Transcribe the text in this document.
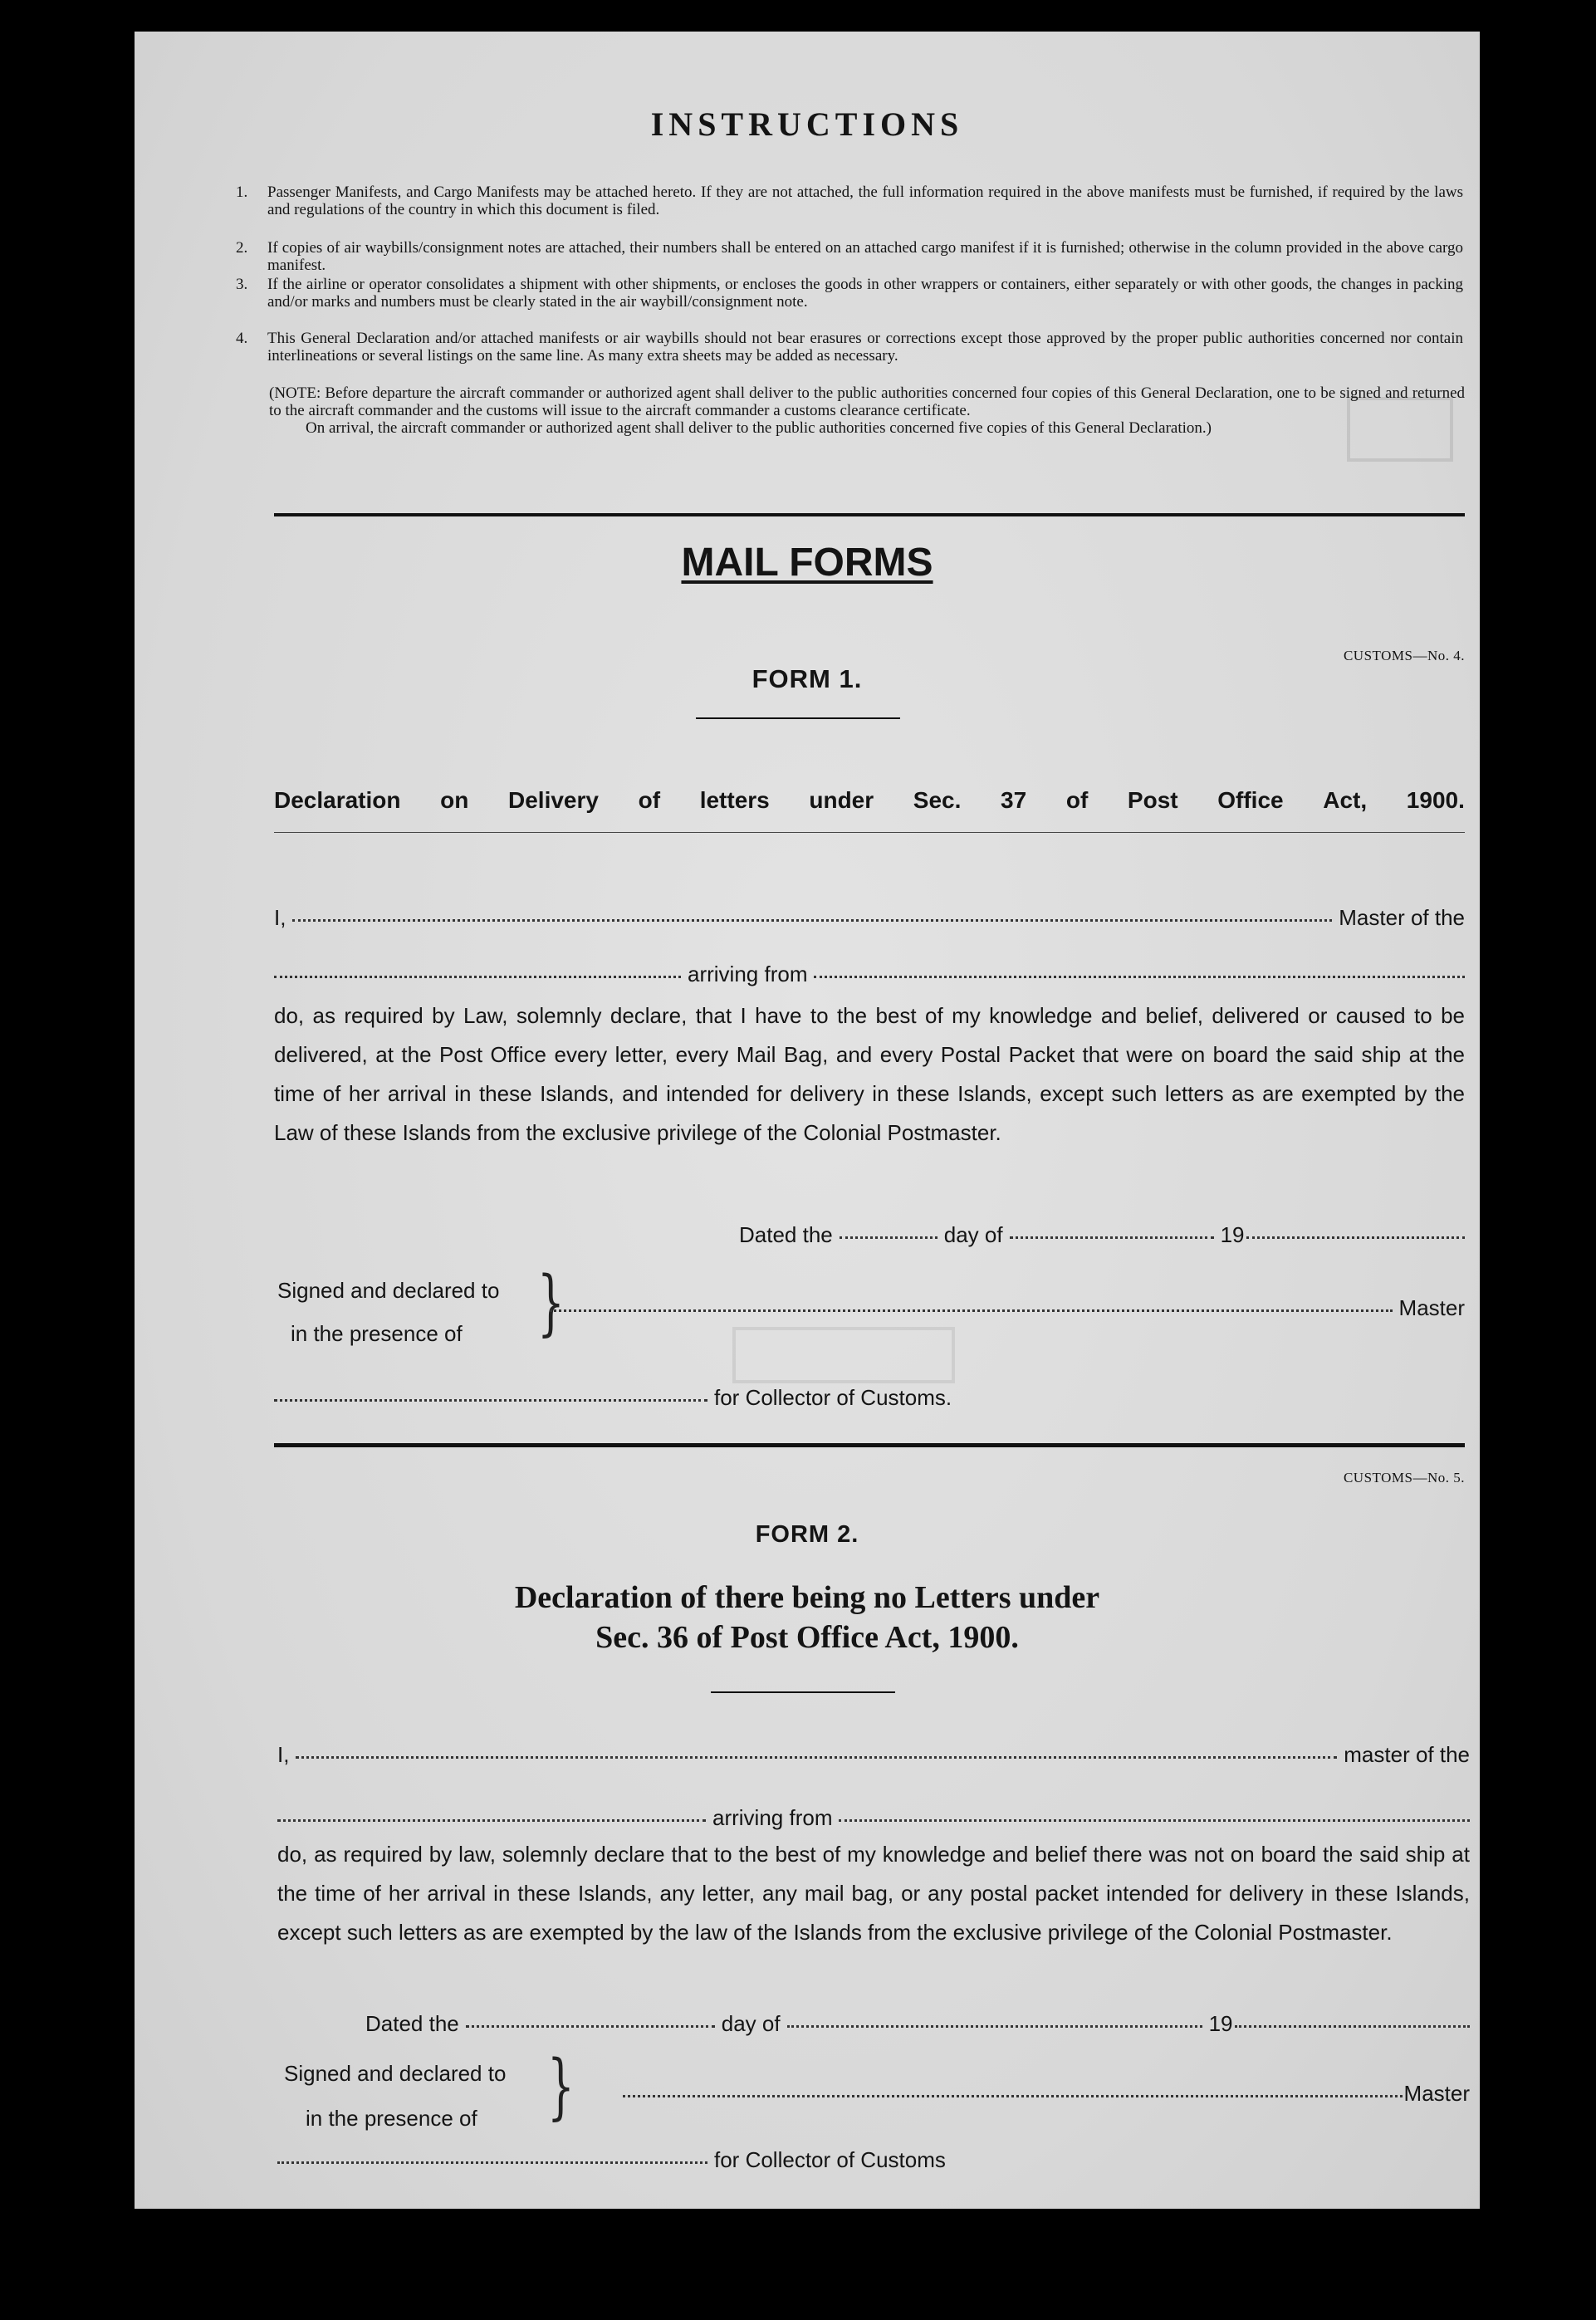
INSTRUCTIONS
1.	Passenger Manifests, and Cargo Manifests may be attached hereto. If they are not attached, the full information required in the above manifests must be furnished, if required by the laws and regulations of the country in which this document is filed.
2.	If copies of air waybills/consignment notes are attached, their numbers shall be entered on an attached cargo manifest if it is furnished; otherwise in the column provided in the above cargo manifest.
3.	If the airline or operator consolidates a shipment with other shipments, or encloses the goods in other wrappers or containers, either separately or with other goods, the changes in packing and/or marks and numbers must be clearly stated in the air waybill/consignment note.
4.	This General Declaration and/or attached manifests or air waybills should not bear erasures or corrections except those approved by the proper public authorities concerned nor contain interlineations or several listings on the same line. As many extra sheets may be added as necessary.
(NOTE: Before departure the aircraft commander or authorized agent shall deliver to the public authorities concerned four copies of this General Declaration, one to be signed and returned to the aircraft commander and the customs will issue to the aircraft commander a customs clearance certificate.
On arrival, the aircraft commander or authorized agent shall deliver to the public authorities concerned five copies of this General Declaration.)
MAIL FORMS
CUSTOMS—No. 4.
FORM 1.
Declaration on Delivery of letters under Sec. 37 of Post Office Act, 1900.
I,	Master of the
arriving from
do, as required by Law, solemnly declare, that I have to the best of my knowledge and belief, delivered or caused to be delivered, at the Post Office every letter, every Mail Bag, and every Postal Packet that were on board the said ship at the time of her arrival in these Islands, and intended for delivery in these Islands, except such letters as are exempted by the Law of these Islands from the exclusive privilege of the Colonial Postmaster.
Dated the	day of	19
Signed and declared to
in the presence of	}	Master
for Collector of Customs.
CUSTOMS—No. 5.
FORM 2.
Declaration of there being no Letters under
Sec. 36 of Post Office Act, 1900.
I,	master of the
arriving from
do, as required by law, solemnly declare that to the best of my knowledge and belief there was not on board the said ship at the time of her arrival in these Islands, any letter, any mail bag, or any postal packet intended for delivery in these Islands, except such letters as are exempted by the law of the Islands from the exclusive privilege of the Colonial Postmaster.
Dated the	day of	19
Signed and declared to
in the presence of }	Master
for Collector of Customs
